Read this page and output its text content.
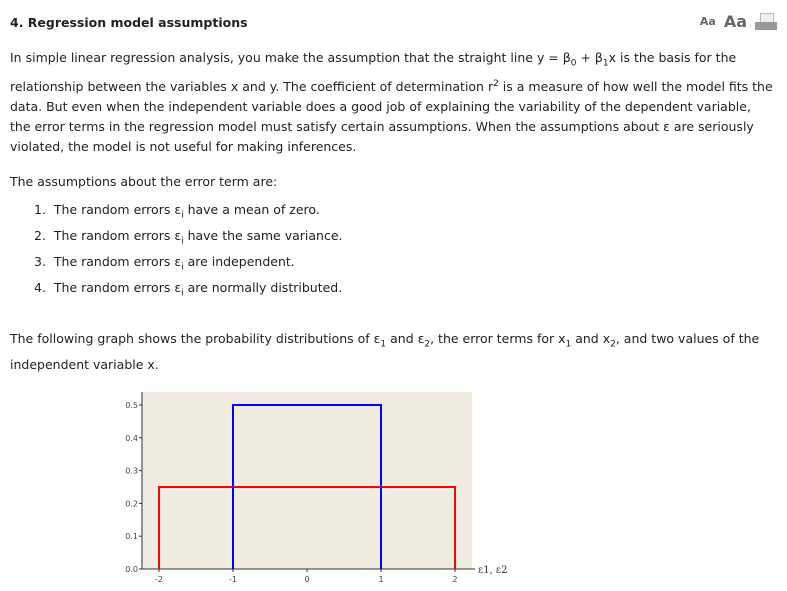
4. Regression model assumptions	Aa Aa

In simple linear regression analysis, you make the assumption that the straight line $y = \beta_0 + \beta_1x$ is the basis for the relationship between the variables x and y. The coefficient of determination $r^2$ is a measure of how well the model fits the data. But even when the independent variable does a good job of explaining the variability of the dependent variable, the error terms in the regression model must satisfy certain assumptions. When the assumptions about ε are seriously violated, the model is not useful for making inferences.

The assumptions about the error term are:

1. The random errors $\varepsilon_i$ have a mean of zero.
2. The random errors $\varepsilon_i$ have the same variance.
3. The random errors $\varepsilon_i$ are independent.
4. The random errors $\varepsilon_i$ are normally distributed.

The following graph shows the probability distributions of $\varepsilon_1$ and $\varepsilon_2$, the error terms for $x_1$ and $x_2$, and two values of the independent variable x.

0.0
0.1
0.2
0.3
0.4
0.5
-2	-1	0	1	2
ε1, ε2
